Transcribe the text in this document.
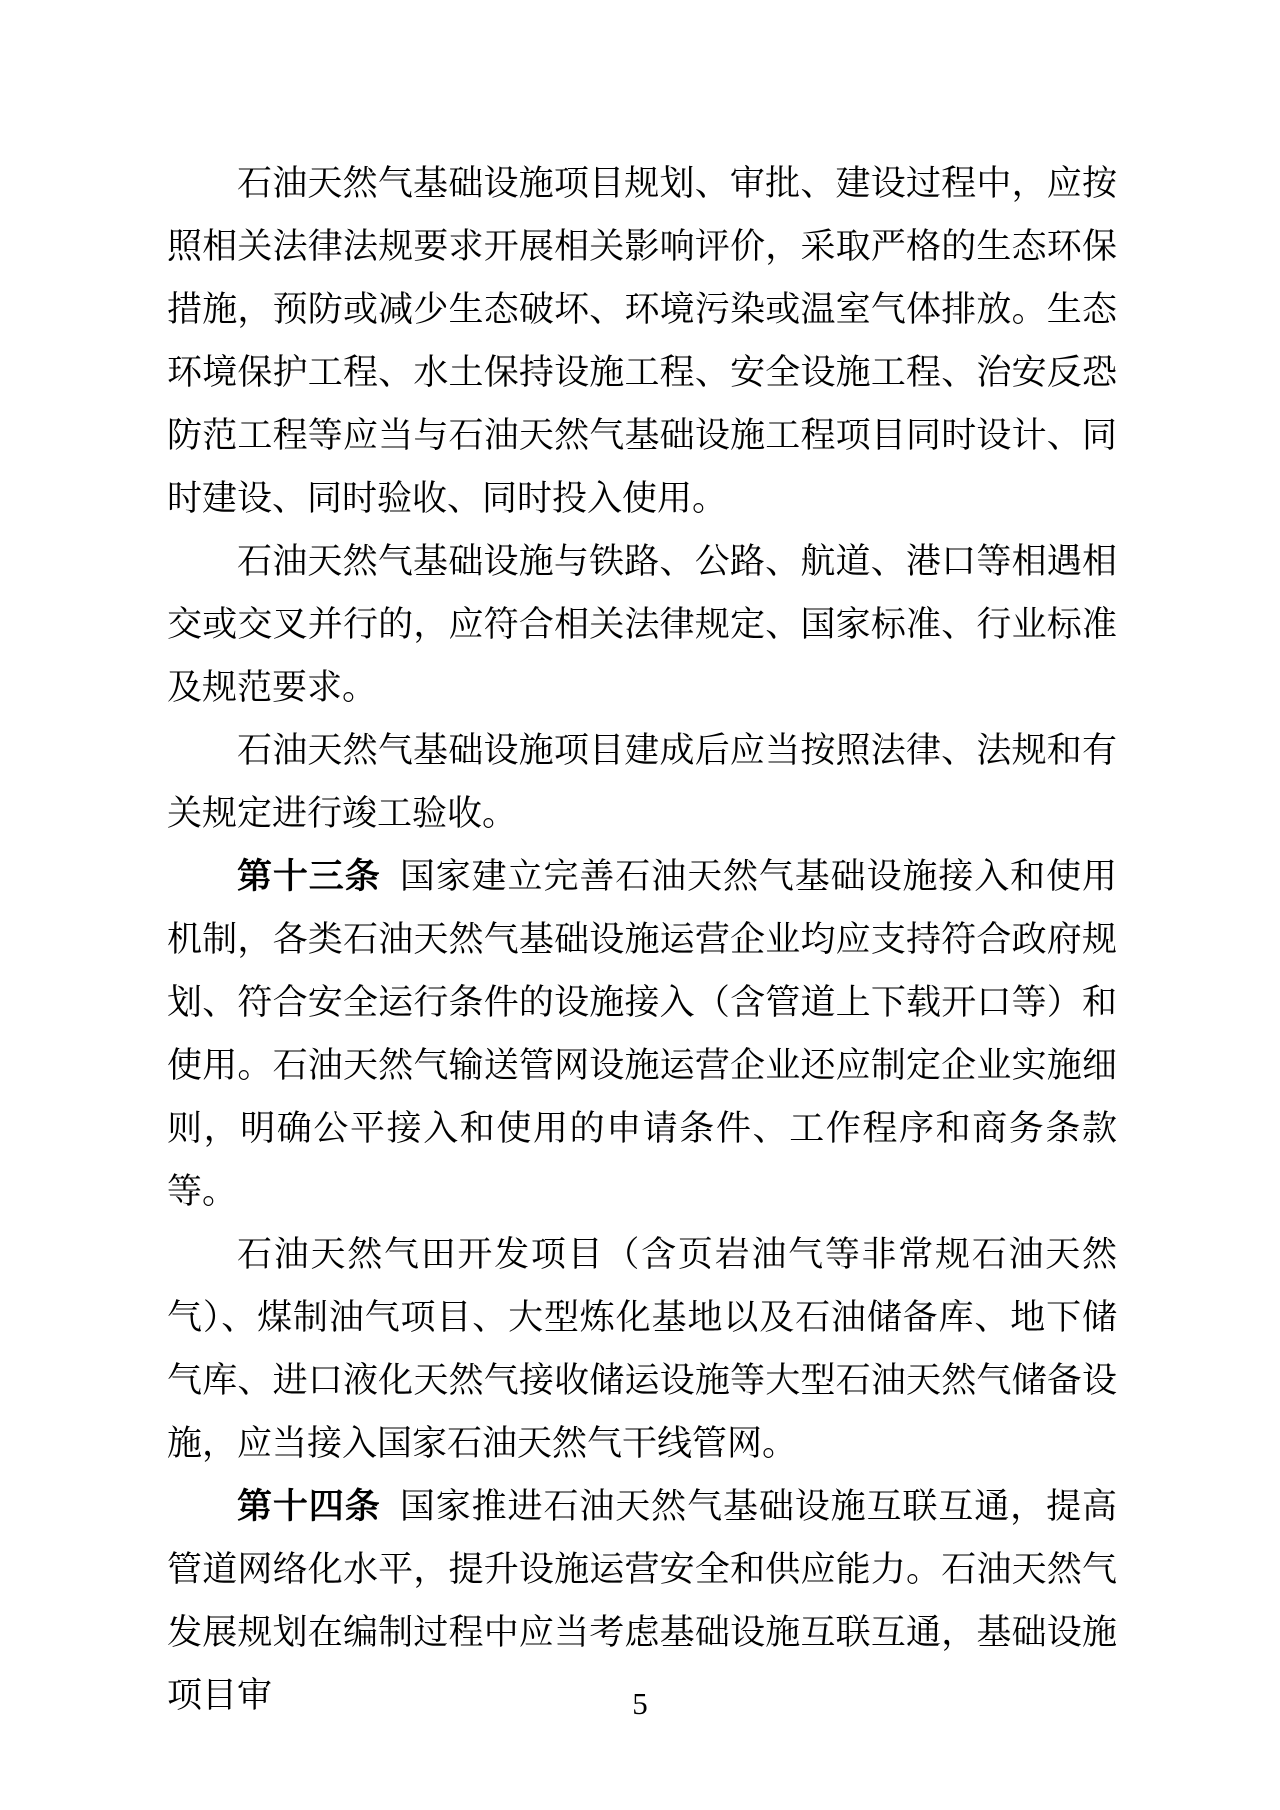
石油天然气基础设施项目规划、审批、建设过程中，应按照相关法律法规要求开展相关影响评价，采取严格的生态环保措施，预防或减少生态破坏、环境污染或温室气体排放。生态环境保护工程、水土保持设施工程、安全设施工程、治安反恐防范工程等应当与石油天然气基础设施工程项目同时设计、同时建设、同时验收、同时投入使用。

石油天然气基础设施与铁路、公路、航道、港口等相遇相交或交叉并行的，应符合相关法律规定、国家标准、行业标准及规范要求。

石油天然气基础设施项目建成后应当按照法律、法规和有关规定进行竣工验收。

第十三条 国家建立完善石油天然气基础设施接入和使用机制，各类石油天然气基础设施运营企业均应支持符合政府规划、符合安全运行条件的设施接入（含管道上下载开口等）和使用。石油天然气输送管网设施运营企业还应制定企业实施细则，明确公平接入和使用的申请条件、工作程序和商务条款等。

石油天然气田开发项目（含页岩油气等非常规石油天然气）、煤制油气项目、大型炼化基地以及石油储备库、地下储气库、进口液化天然气接收储运设施等大型石油天然气储备设施，应当接入国家石油天然气干线管网。

第十四条 国家推进石油天然气基础设施互联互通，提高管道网络化水平，提升设施运营安全和供应能力。石油天然气发展规划在编制过程中应当考虑基础设施互联互通，基础设施项目审	5
